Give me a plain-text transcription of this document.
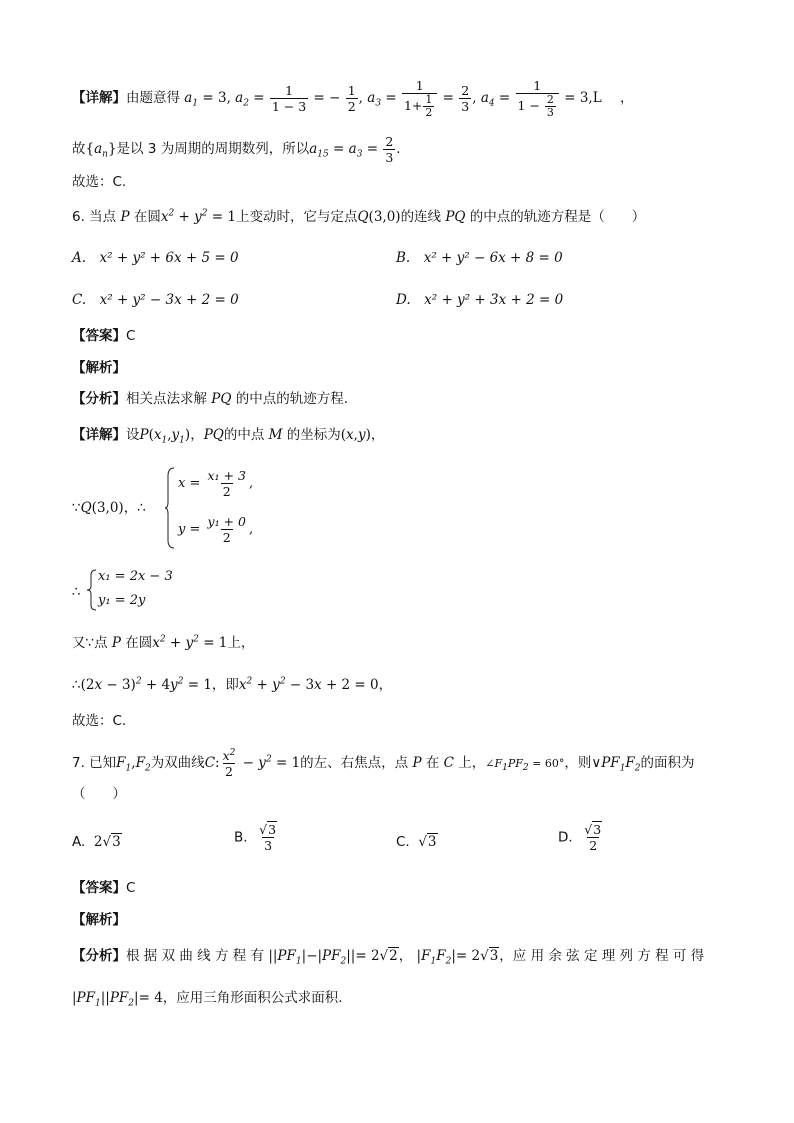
【详解】由题意得 $a_1 = 3$, $a_2 = \frac{1}{1 - 3}$ = − $\frac{1}{2}$ , $a_3 = \frac{1}{1+ \frac{1}{2}} = \frac{2}{3}$ , $a_4 = \frac{1}{1 - \frac{2}{3}} = 3,L$ ，
故$\{a_n\}$是以 3 为周期的周期数列，所以$a_{15} = a_3 = \frac{2}{3}$ .
故选：C.
6. 当点 P 在圆$x^2 + y^2 = 1$上变动时，它与定点Q(3,0)的连线 PQ 的中点的轨迹方程是（　　）
A.　x² + y² + 6x + 5 = 0	B.　x² + y² − 6x + 8 = 0
C.　x² + y² − 3x + 2 = 0	D.　x² + y² + 3x + 2 = 0
【答案】C
【解析】
【分析】相关点法求解 PQ 的中点的轨迹方程.
【详解】设$P(x_1,y_1)$，PQ的中点 M 的坐标为(x,y)，
∵Q(3,0)，∴
$x = \frac{\text{x₁ + 3}}{2}$ ,
$y = \frac{\text{y₁ + 0}}{2}$ ,
∴
x₁ = 2x − 3
y₁ = 2y
又∵点 P 在圆$x^2 + y^2 = 1$上，
∴(2x − $3)^2 + 4y^2 = 1$，即$x^2 + y^2 - 3x + 2 = 0$，
故选：C.
7. 已知$F_1,F_2$为双曲线C: $\frac{x^2}{2} - y^2 = 1$的左、右焦点，点 P 在 C 上，$\angle F_1PF_2 = 60^\circ$，则$\vee PF_1F_2$的面积为
（　　）
A. 2√3	B. $\frac{√3}{3}$	C. √3	D. $\frac{√3}{2}$
【答案】C
【解析】
【分析】根 据 双 曲 线 方 程 有 $||PF_1|-|PF_2||= 2√2$， $|F_1F_2|= 2√3$，应 用 余 弦 定 理 列 方 程 可 得
$|PF_1||PF_2|= 4$，应用三角形面积公式求面积.
